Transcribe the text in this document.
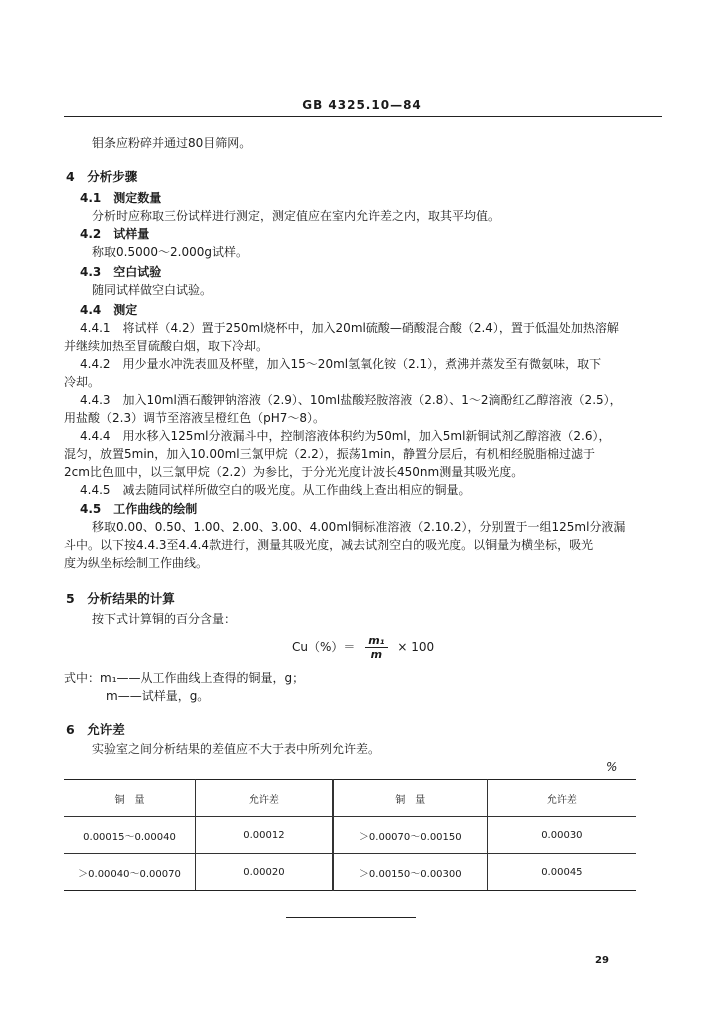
GB 4325.10—84
钼条应粉碎并通过80目筛网。
4　分析步骤
4.1　测定数量
分析时应称取三份试样进行测定，测定值应在室内允许差之内，取其平均值。
4.2　试样量
称取0.5000～2.000g试样。
4.3　空白试验
随同试样做空白试验。
4.4　测定
4.4.1　将试样（4.2）置于250ml烧杯中，加入20ml硫酸—硝酸混合酸（2.4），置于低温处加热溶解
并继续加热至冒硫酸白烟，取下冷却。
4.4.2　用少量水冲洗表皿及杯壁，加入15～20ml氢氧化铵（2.1），煮沸并蒸发至有微氨味，取下
冷却。
4.4.3　加入10ml酒石酸钾钠溶液（2.9）、10ml盐酸羟胺溶液（2.8）、1～2滴酚红乙醇溶液（2.5），
用盐酸（2.3）调节至溶液呈橙红色（pH7～8）。
4.4.4　用水移入125ml分液漏斗中，控制溶液体积约为50ml，加入5ml新铜试剂乙醇溶液（2.6），
混匀，放置5min，加入10.00ml三氯甲烷（2.2），振荡1min，静置分层后，有机相经脱脂棉过滤于
2cm比色皿中，以三氯甲烷（2.2）为参比，于分光光度计波长450nm测量其吸光度。
4.4.5　减去随同试样所做空白的吸光度。从工作曲线上查出相应的铜量。
4.5　工作曲线的绘制
移取0.00、0.50、1.00、2.00、3.00、4.00ml铜标准溶液（2.10.2），分别置于一组125ml分液漏
斗中。以下按4.4.3至4.4.4款进行，测量其吸光度，减去试剂空白的吸光度。以铜量为横坐标，吸光
度为纵坐标绘制工作曲线。
5　分析结果的计算
按下式计算铜的百分含量：
$Cu(\%)= \frac{\text{m₁}}{m} \times 100$
式中：m₁——从工作曲线上查得的铜量，g；
m——试样量，g。
6　允许差
实验室之间分析结果的差值应不大于表中所列允许差。
%
铜　量	允许差	铜　量	允许差
0.00015～0.00040	0.00012	＞0.00070～0.00150	0.00030
＞0.00040～0.00070	0.00020	＞0.00150～0.00300	0.00045
29
